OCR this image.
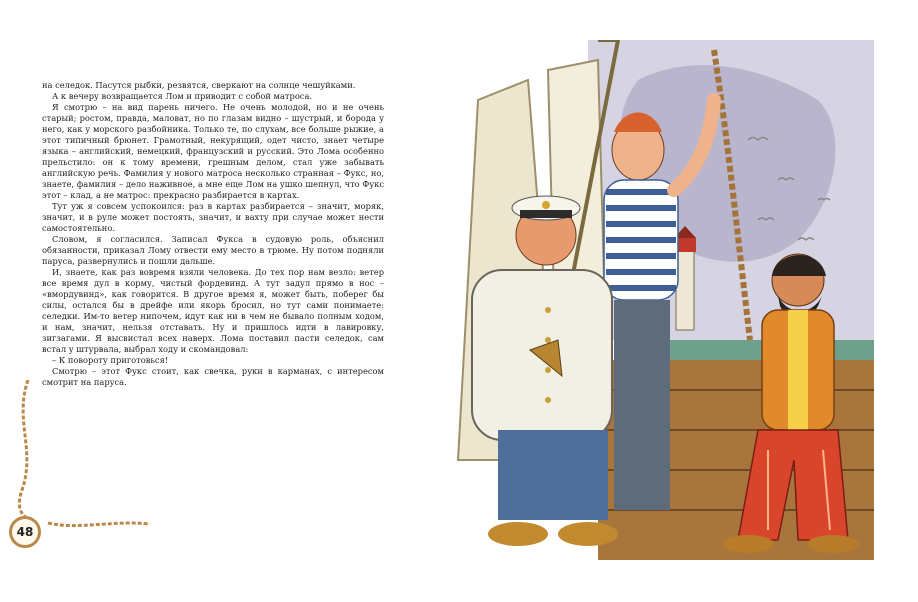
на селедок. Пасутся рыбки, резвятся, сверкают на солнце чешуйками.

А к вечеру возвращается Лом и приводит с собой матроса.

Я смотрю – на вид парень ничего. Не очень молодой, но и не очень старый; ростом, правда, маловат, но по глазам видно – шустрый, и борода у него, как у морского разбойника. Только те, по слухам, все больше рыжие, а этот типичный брюнет. Грамотный, некурящий, одет чисто, знает четыре языка – английский, немецкий, французский и русский. Это Лома особенно прельстило: он к тому времени, грешным делом, стал уже забывать английскую речь. Фамилия у нового матроса несколько странная – Фукс, но, знаете, фамилия – дело наживное, а мне еще Лом на ушко шепнул, что Фукс этот – клад, а не матрос: прекрасно разбирается в картах.

Тут уж я совсем успокоился: раз в картах разбирается – значит, моряк, значит, и в руле может постоять, значит, и вахту при случае может нести самостоятельно.

Словом, я согласился. Записал Фукса в судовую роль, объяснил обязанности, приказал Лому отвести ему место в трюме. Ну потом подняли паруса, развернулись и пошли дальше.

И, знаете, как раз вовремя взяли человека. До тех пор нам везло: ветер все время дул в корму, чистый фордевинд. А тут задул прямо в нос – «вмордувинд», как говорится. В другое время я, может быть, поберег бы силы, остался бы в дрейфе или якорь бросил, но тут сами понимаете: селедки. Им-то ветер нипочем, идут как ни в чем не бывало полным ходом, и нам, значит, нельзя отставать. Ну и пришлось идти в лавировку, зигзагами. Я высвистал всех наверх. Лома поставил пасти селедок, сам встал у штурвала, выбрал ходу и скомандовал:

– К повороту приготовься!

Смотрю – этот Фукс стоит, как свечка, руки в карманах, с интересом смотрит на паруса.

48
